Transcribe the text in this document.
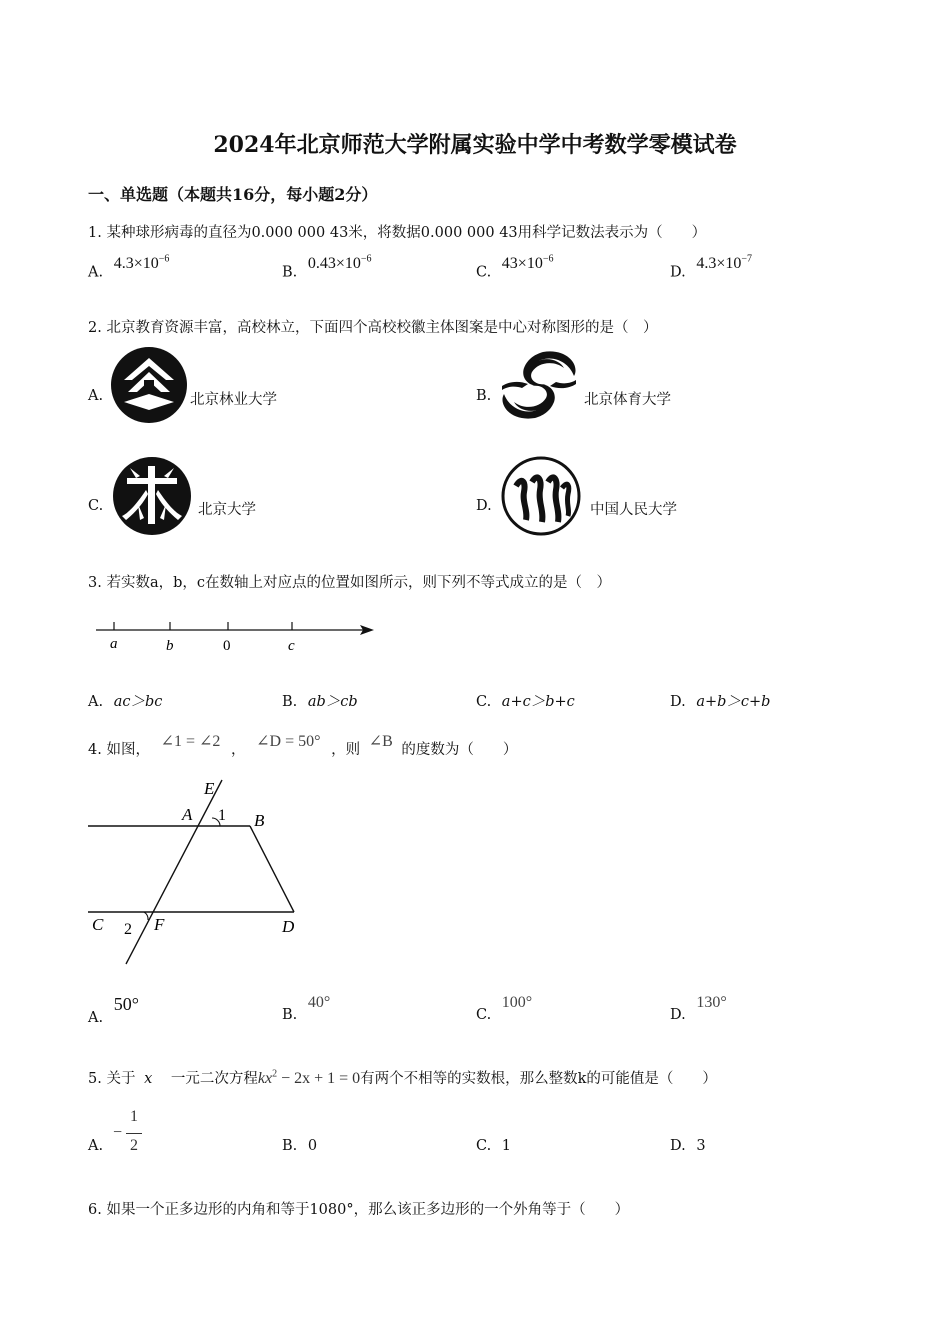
2024年北京师范大学附属实验中学中考数学零模试卷
一、单选题（本题共16分，每小题2分）
1. 某种球形病毒的直径为0.000 000 43米，将数据0.000 000 43用科学记数法表示为（　　）
A. $4.3\times 10^{-6}$
B. $0.43\times 10^{-6}$
C. $43\times 10^{-6}$
D. $4.3\times 10^{-7}$
2. 北京教育资源丰富，高校林立，下面四个高校校徽主体图案是中心对称图形的是（　）
A.	北京林业大学	B.	北京体育大学
C.	北京大学	D.	中国人民大学
3. 若实数a，b，c在数轴上对应点的位置如图所示，则下列不等式成立的是（　）
a	b	0	c
A. ac＞bc	B. ab＞cb	C. a+c＞b+c	D. a+b＞c+b
4. 如图， ∠1 = ∠2 ， ∠D = 50° ，则 ∠B 的度数为（　　）
E
A 1 B
C 2 F	D
A. 50°
B. 40°
C. 100°
D. 130°
5. 关于 x 一元二次方程$kx^2 - 2x + 1 = 0$有两个不相等的实数根，那么整数k的可能值是（　　）
A.
−
1
2	B. 0	C. 1	D. 3
6. 如果一个正多边形的内角和等于1080°，那么该正多边形的一个外角等于（　　）
